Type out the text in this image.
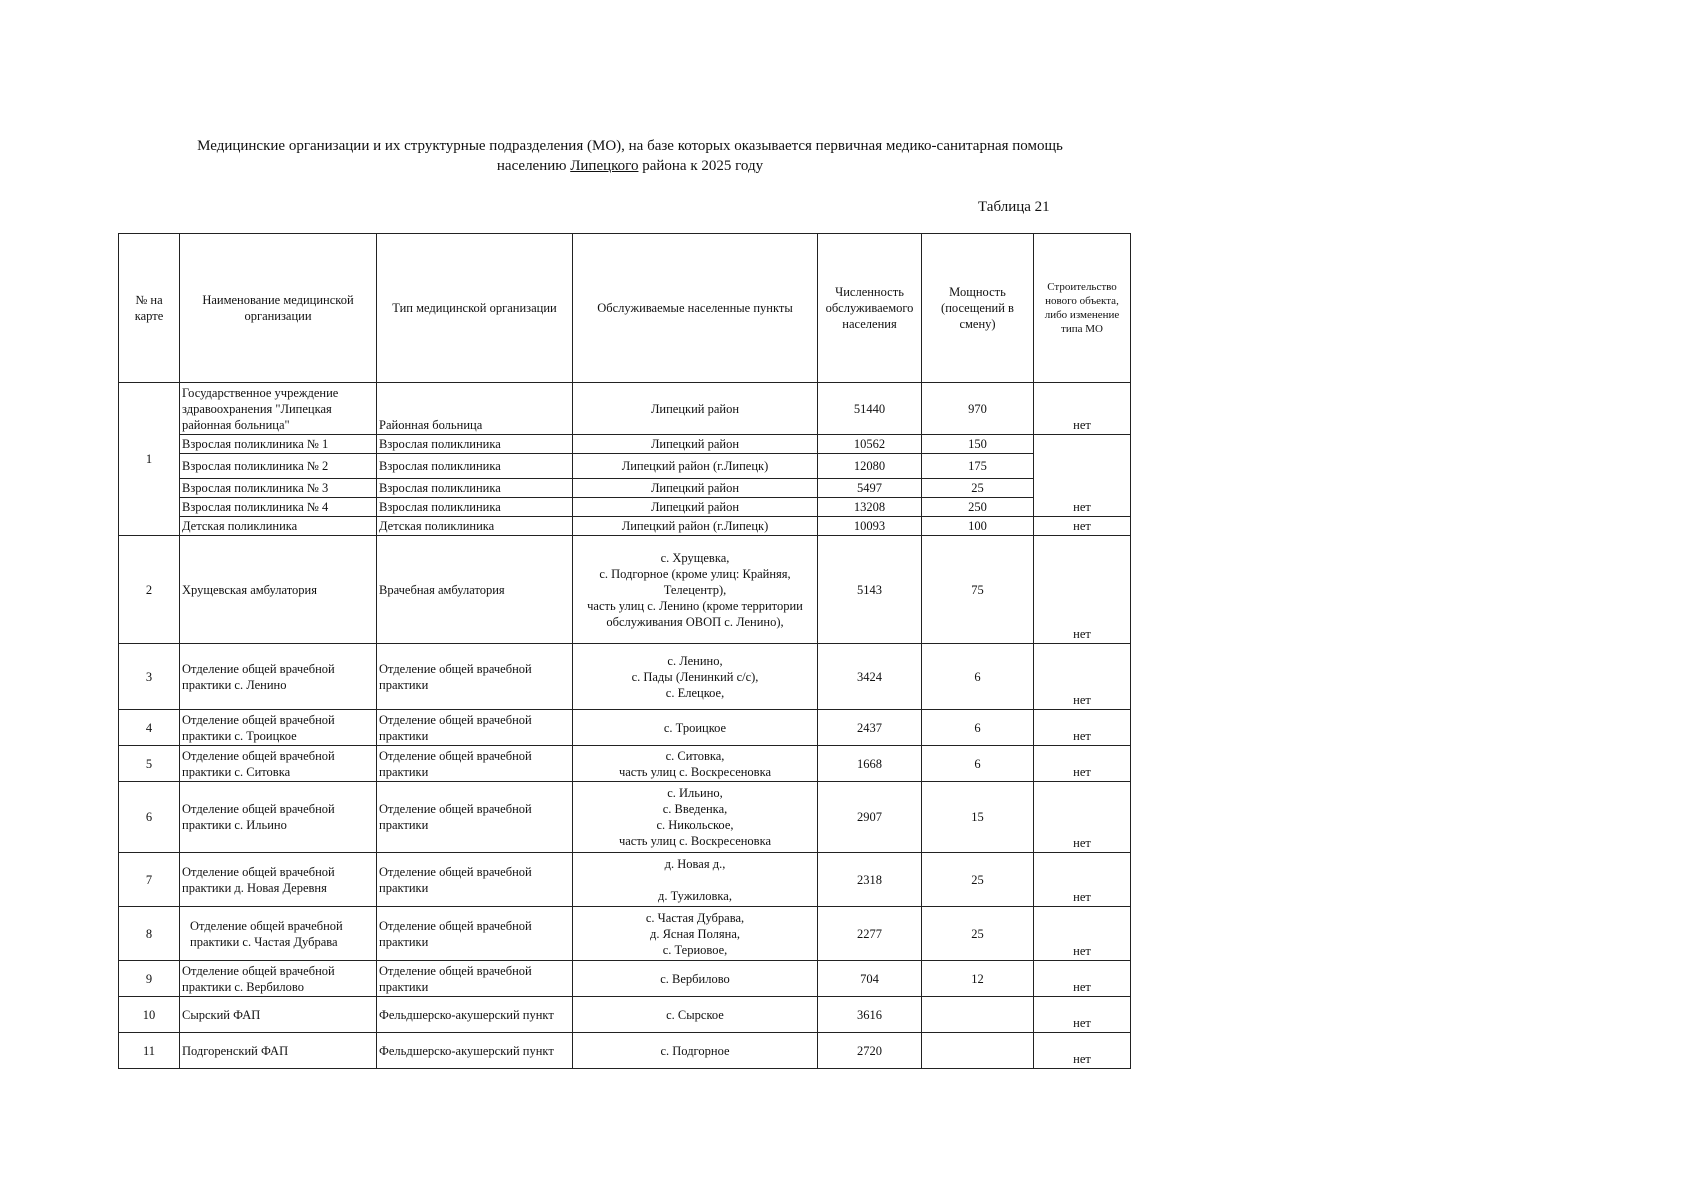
Медицинские организации и их структурные подразделения (МО), на базе которых оказывается первичная медико-санитарная помощь
населению Липецкого района к 2025 году
Таблица 21
№ на карте	Наименование медицинской организации	Тип медицинской организации	Обслуживаемые населенные пункты	Численность обслуживаемого населения	Мощность (посещений в смену)	Строительство нового объекта, либо изменение типа МО
1	Государственное учреждение здравоохранения "Липецкая районная больница"	Районная больница	Липецкий район	51440	970	нет
	Взрослая поликлиника № 1	Взрослая поликлиника	Липецкий район	10562	150	нет
	Взрослая поликлиника № 2	Взрослая поликлиника	Липецкий район (г.Липецк)	12080	175	
	Взрослая поликлиника № 3	Взрослая поликлиника	Липецкий район	5497	25	
	Взрослая поликлиника № 4	Взрослая поликлиника	Липецкий район	13208	250	
	Детская поликлиника	Детская поликлиника	Липецкий район (г.Липецк)	10093	100	нет
2	Хрущевская амбулатория	Врачебная амбулатория	с. Хрущевка,
с. Подгорное (кроме улиц: Крайняя, Телецентр),
часть улиц с. Ленино (кроме территории обслуживания ОВОП с. Ленино),	5143	75	нет
3	Отделение общей врачебной практики с. Ленино	Отделение общей врачебной практики	с. Ленино,
с. Пады (Ленинкий с/с),
с. Елецкое,	3424	6	нет
4	Отделение общей врачебной практики с. Троицкое	Отделение общей врачебной практики	с. Троицкое	2437	6	нет
5	Отделение общей врачебной практики с. Ситовка	Отделение общей врачебной практики	с. Ситовка,
часть улиц с. Воскресеновка	1668	6	нет
6	Отделение общей врачебной практики с. Ильино	Отделение общей врачебной практики	с. Ильино,
с. Введенка,
с. Никольское,
часть улиц с. Воскресеновка	2907	15	нет
7	Отделение общей врачебной практики д. Новая Деревня	Отделение общей врачебной практики	д. Новая д.,

д. Тужиловка,	2318	25	нет
8	Отделение общей врачебной практики с. Частая Дубрава	Отделение общей врачебной практики	с. Частая Дубрава,
д. Ясная Поляна,
с. Териовое,	2277	25	нет
9	Отделение общей врачебной практики с. Вербилово	Отделение общей врачебной практики	с. Вербилово	704	12	нет
10	Сырский ФАП	Фельдшерско-акушерский пункт	с. Сырское	3616		нет
11	Подгоренский ФАП	Фельдшерско-акушерский пункт	с. Подгорное	2720		нет
